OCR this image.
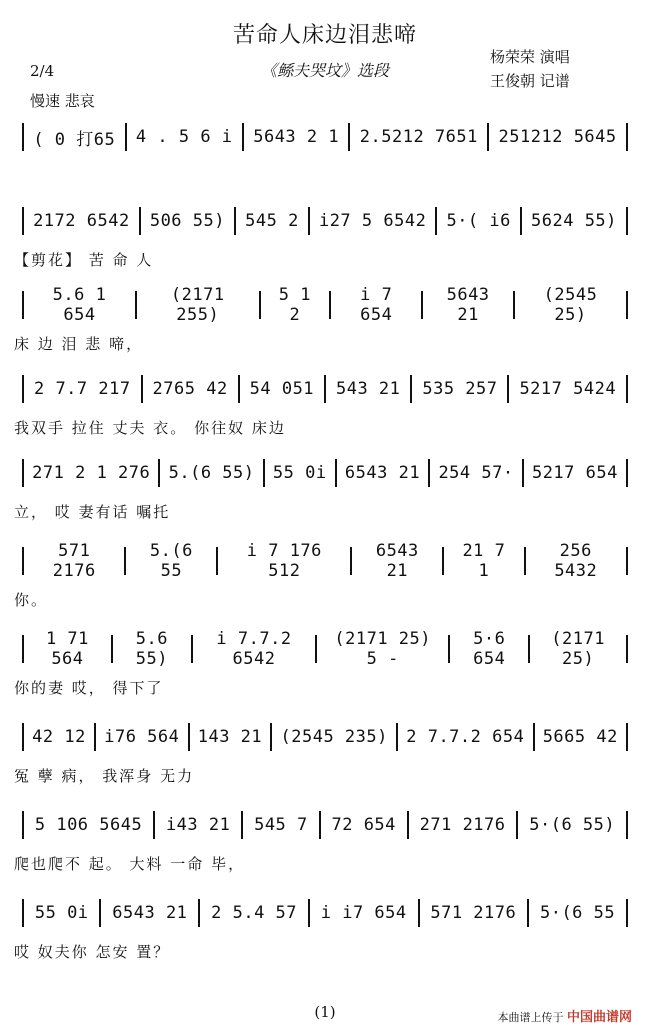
苦命人床边泪悲啼
《鲧夫哭坟》选段
2/4
慢速 悲哀
杨荣荣 演唱
王俊朝 记谱
( 0 打65 4 . 5 6 i 5643 2 1 2.5212 7651 251212 5645
2172 6542 506 55) 545 2 i27 5 6542 5·( i6 5624 55)
【剪花】 苦 命 人
5.6 1 654
(2171 255)
5 1 2
i 7 654
5643 21
(2545 25)
床 边 泪 悲 啼，
2 7.7 217 2765 42 54 051 543 21 535 257 5217 5424
我双手 拉住 丈夫 衣。 你往奴 床边
271 2 1 276 5.(6 55) 55 0i 6543 21 254 57· 5217 654
立， 哎 妻有话 嘱托
571 2176
5.(6 55
i 7 176 512
6543 21
21 7 1
256 5432
你。
1 71 564
5.6 55)
i 7.7.2 6542
(2171 25) 5 -
5·6 654
(2171 25)
你的妻 哎， 得下了
42 12 i76 564 143 21 (2545 235) 2 7.7.2 654 5665 42
冤 孽 病， 我浑身 无力
5 106 5645 i43 21 545 7 72 654 271 2176 5·(6 55)
爬也爬不 起。 大料 一命 毕，
55 0i 6543 21 2 5.4 57 i i7 654 571 2176 5·(6 55
哎 奴夫你 怎安 置？
(1)	本曲谱上传于 中国曲谱网
